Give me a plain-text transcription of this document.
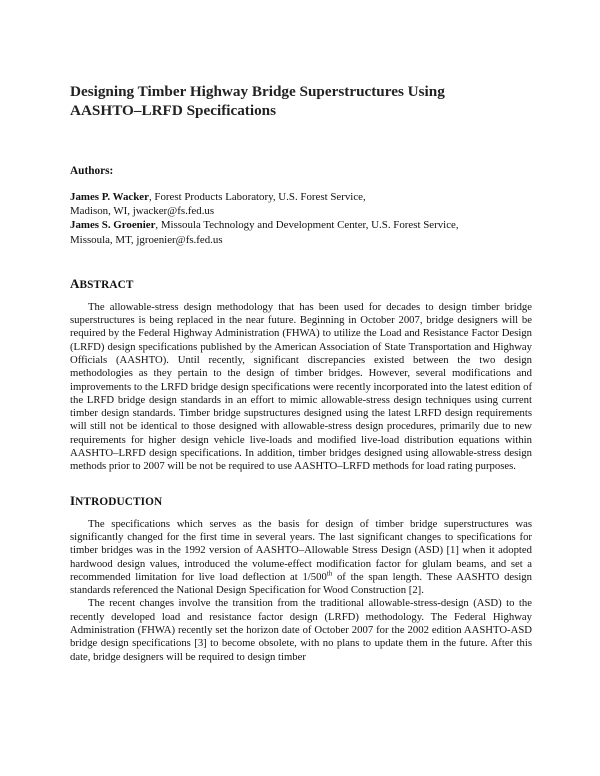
Designing Timber Highway Bridge Superstructures Using
AASHTO–LRFD Specifications
Authors:

James P. Wacker, Forest Products Laboratory, U.S. Forest Service,

Madison, WI, jwacker@fs.fed.us

James S. Groenier, Missoula Technology and Development Center, U.S. Forest Service,

Missoula, MT, jgroenier@fs.fed.us

ABSTRACT

The allowable-stress design methodology that has been used for decades to design timber bridge superstructures is being replaced in the near future. Beginning in October 2007, bridge designers will be required by the Federal Highway Administration (FHWA) to utilize the Load and Resistance Factor Design (LRFD) design specifications published by the American Association of State Transportation and Highway Officials (AASHTO). Until recently, significant discrepancies existed between the two design methodologies as they pertain to the design of timber bridges. However, several modifications and improvements to the LRFD bridge design specifications were recently incorporated into the latest edition of the LRFD bridge design standards in an effort to mimic allowable-stress design techniques using current timber design standards. Timber bridge supstructures designed using the latest LRFD design requirements will still not be identical to those designed with allowable-stress design procedures, primarily due to new requirements for higher design vehicle live-loads and modified live-load distribution equations within AASHTO–LRFD design specifications. In addition, timber bridges designed using allowable-stress design methods prior to 2007 will be not be required to use AASHTO–LRFD methods for load rating purposes.

INTRODUCTION

The specifications which serves as the basis for design of timber bridge superstructures was significantly changed for the first time in several years. The last significant changes to specifications for timber bridges was in the 1992 version of AASHTO–Allowable Stress Design (ASD) [1] when it adopted hardwood design values, introduced the volume-effect modification factor for glulam beams, and set a recommended limitation for live load deflection at 1/500th of the span length. These AASHTO design standards referenced the National Design Specification for Wood Construction [2].

The recent changes involve the transition from the traditional allowable-stress-design (ASD) to the recently developed load and resistance factor design (LRFD) methodology. The Federal Highway Administration (FHWA) recently set the horizon date of October 2007 for the 2002 edition AASHTO-ASD bridge design specifications [3] to become obsolete, with no plans to update them in the future. After this date, bridge designers will be required to design timber
